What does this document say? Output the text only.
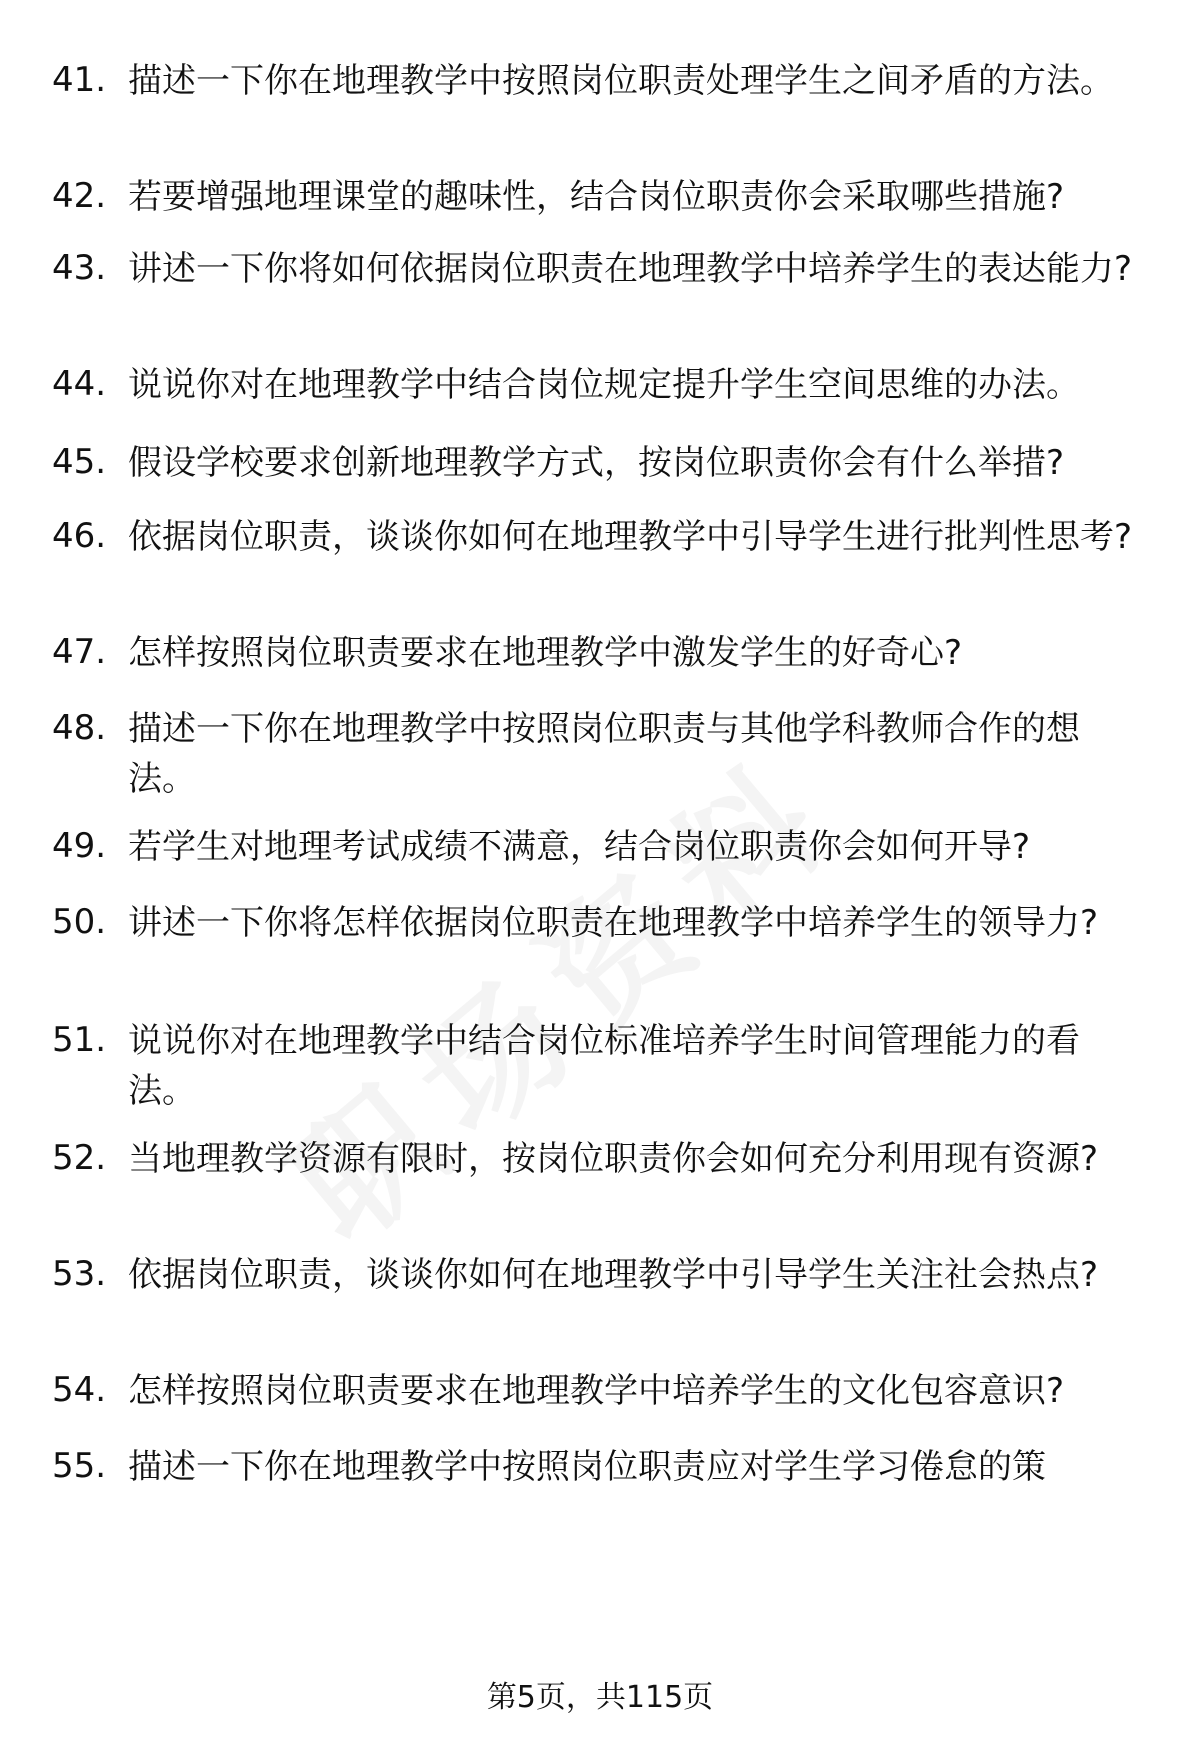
41. 描述一下你在地理教学中按照岗位职责处理学生之间矛盾的方法。
42. 若要增强地理课堂的趣味性，结合岗位职责你会采取哪些措施?
43. 讲述一下你将如何依据岗位职责在地理教学中培养学生的表达能力?
44. 说说你对在地理教学中结合岗位规定提升学生空间思维的办法。
45. 假设学校要求创新地理教学方式，按岗位职责你会有什么举措?
46. 依据岗位职责，谈谈你如何在地理教学中引导学生进行批判性思考?
47. 怎样按照岗位职责要求在地理教学中激发学生的好奇心?
48. 描述一下你在地理教学中按照岗位职责与其他学科教师合作的想法。
49. 若学生对地理考试成绩不满意，结合岗位职责你会如何开导?
50. 讲述一下你将怎样依据岗位职责在地理教学中培养学生的领导力?
51. 说说你对在地理教学中结合岗位标准培养学生时间管理能力的看法。
52. 当地理教学资源有限时，按岗位职责你会如何充分利用现有资源?
53. 依据岗位职责，谈谈你如何在地理教学中引导学生关注社会热点?
54. 怎样按照岗位职责要求在地理教学中培养学生的文化包容意识?
55. 描述一下你在地理教学中按照岗位职责应对学生学习倦怠的策
第5页，共115页
